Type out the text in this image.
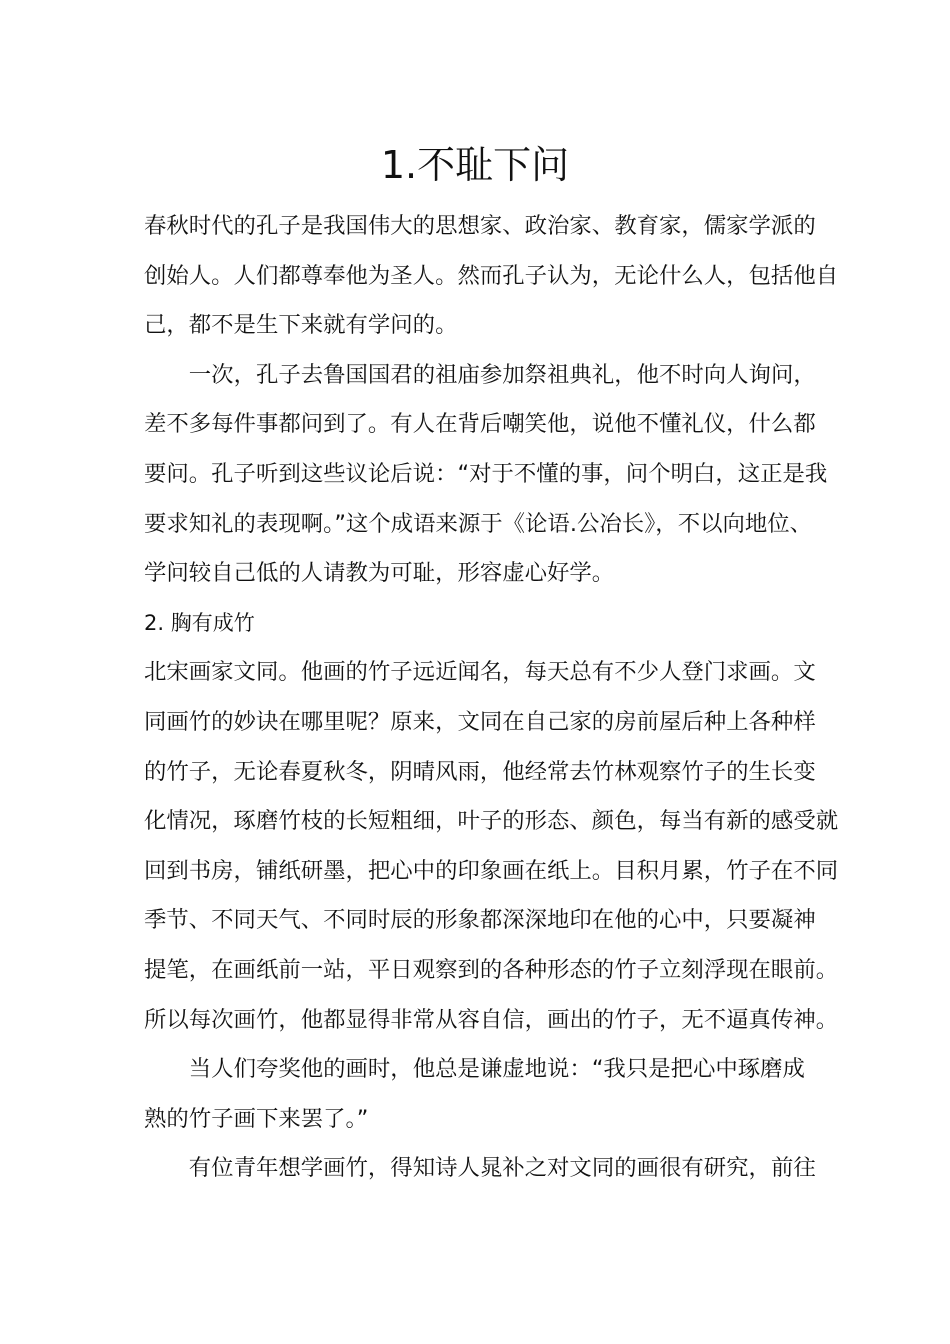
1.不耻下问
春秋时代的孔子是我国伟大的思想家、政治家、教育家，儒家学派的
创始人。人们都尊奉他为圣人。然而孔子认为，无论什么人，包括他自
己，都不是生下来就有学问的。
一次，孔子去鲁国国君的祖庙参加祭祖典礼，他不时向人询问，
差不多每件事都问到了。有人在背后嘲笑他，说他不懂礼仪，什么都
要问。孔子听到这些议论后说：“对于不懂的事，问个明白，这正是我
要求知礼的表现啊。”这个成语来源于《论语.公冶长》，不以向地位、
学问较自己低的人请教为可耻，形容虚心好学。
2. 胸有成竹
北宋画家文同。他画的竹子远近闻名，每天总有不少人登门求画。文
同画竹的妙诀在哪里呢？原来，文同在自己家的房前屋后种上各种样
的竹子，无论春夏秋冬，阴晴风雨，他经常去竹林观察竹子的生长变
化情况，琢磨竹枝的长短粗细，叶子的形态、颜色，每当有新的感受就
回到书房，铺纸研墨，把心中的印象画在纸上。目积月累，竹子在不同
季节、不同天气、不同时辰的形象都深深地印在他的心中，只要凝神
提笔，在画纸前一站，平日观察到的各种形态的竹子立刻浮现在眼前。
所以每次画竹，他都显得非常从容自信，画出的竹子，无不逼真传神。
当人们夸奖他的画时，他总是谦虚地说：“我只是把心中琢磨成
熟的竹子画下来罢了。”
有位青年想学画竹，得知诗人晁补之对文同的画很有研究，前往
